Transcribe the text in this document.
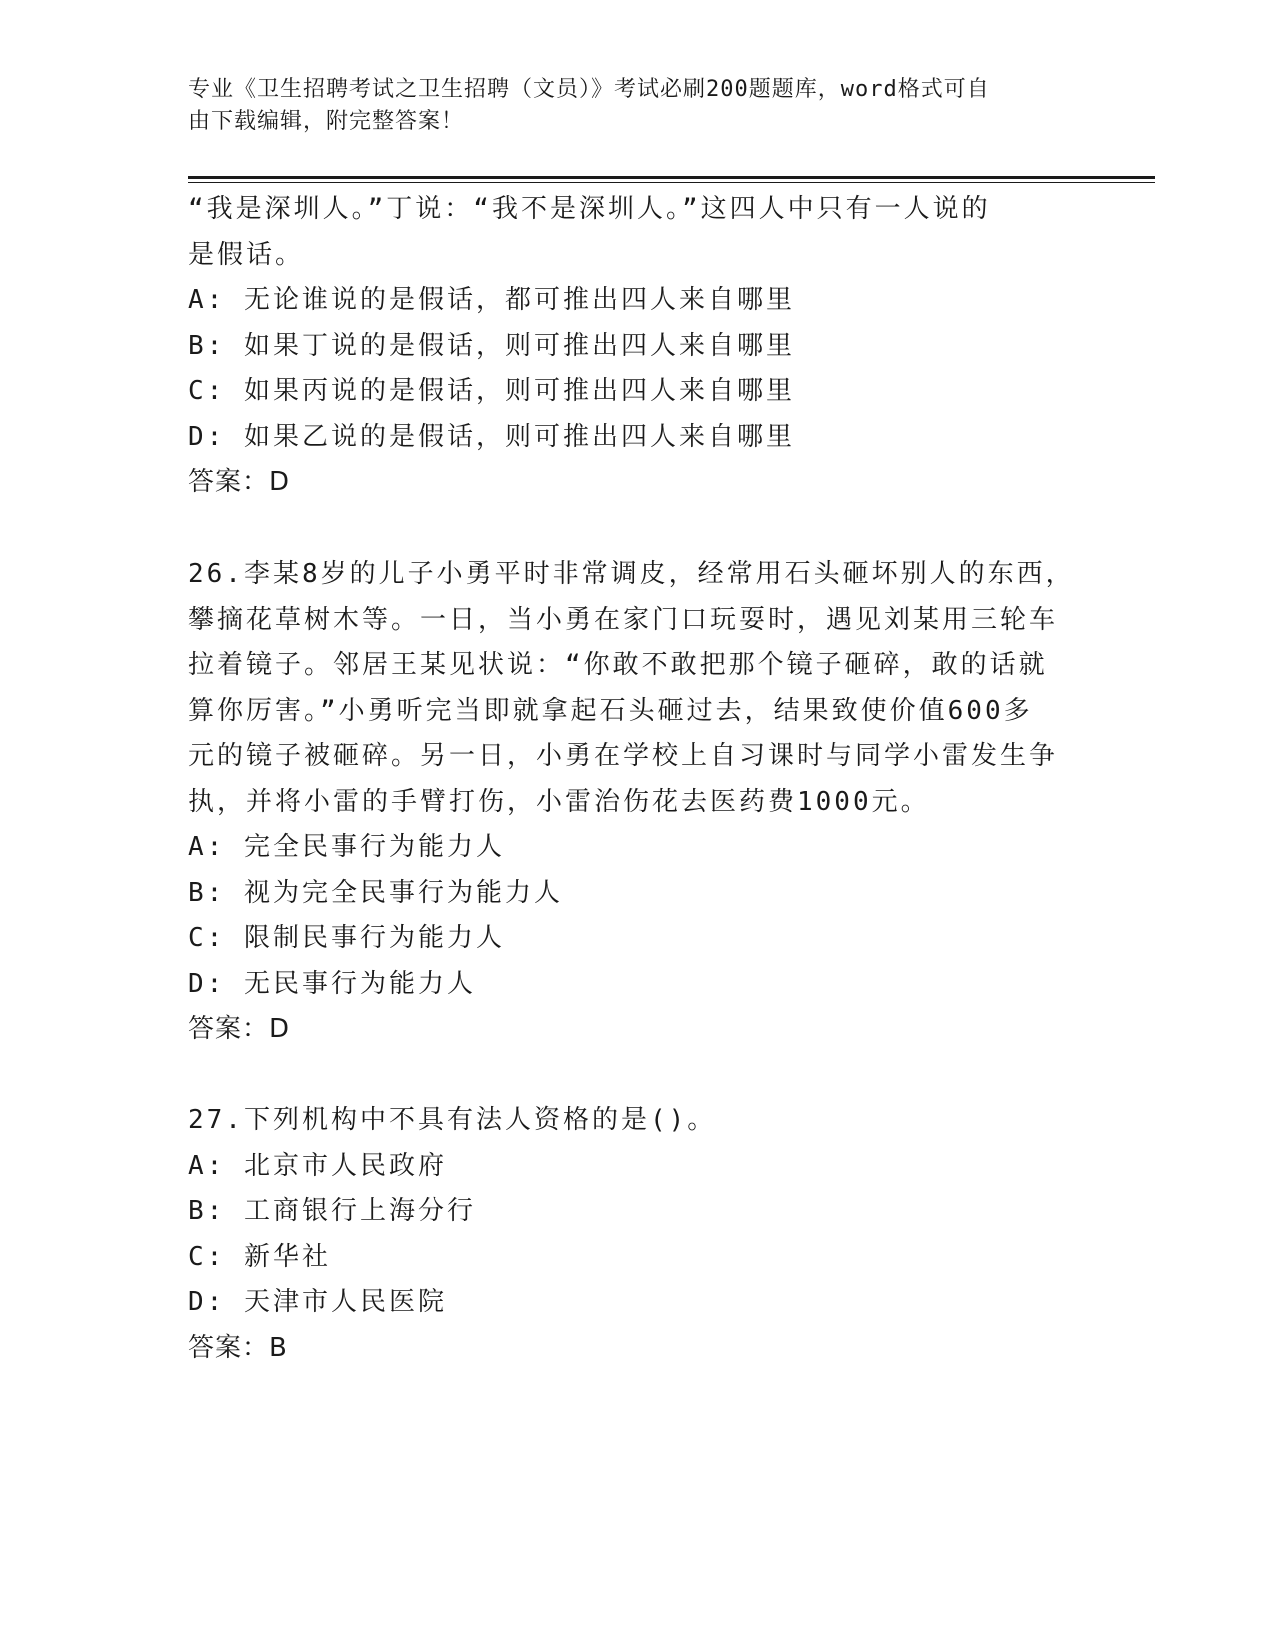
专业《卫生招聘考试之卫生招聘（文员）》考试必刷200题题库，word格式可自
由下载编辑，附完整答案！
“我是深圳人。”丁说：“我不是深圳人。”这四人中只有一人说的
是假话。
A: 无论谁说的是假话，都可推出四人来自哪里
B: 如果丁说的是假话，则可推出四人来自哪里
C: 如果丙说的是假话，则可推出四人来自哪里
D: 如果乙说的是假话，则可推出四人来自哪里
答案：D
26.李某8岁的儿子小勇平时非常调皮，经常用石头砸坏别人的东西，
攀摘花草树木等。一日，当小勇在家门口玩耍时，遇见刘某用三轮车
拉着镜子。邻居王某见状说：“你敢不敢把那个镜子砸碎，敢的话就
算你厉害。”小勇听完当即就拿起石头砸过去，结果致使价值600多
元的镜子被砸碎。另一日，小勇在学校上自习课时与同学小雷发生争
执，并将小雷的手臂打伤，小雷治伤花去医药费1000元。
A: 完全民事行为能力人
B: 视为完全民事行为能力人
C: 限制民事行为能力人
D: 无民事行为能力人
答案：D
27.下列机构中不具有法人资格的是()。
A: 北京市人民政府
B: 工商银行上海分行
C: 新华社
D: 天津市人民医院
答案：B
